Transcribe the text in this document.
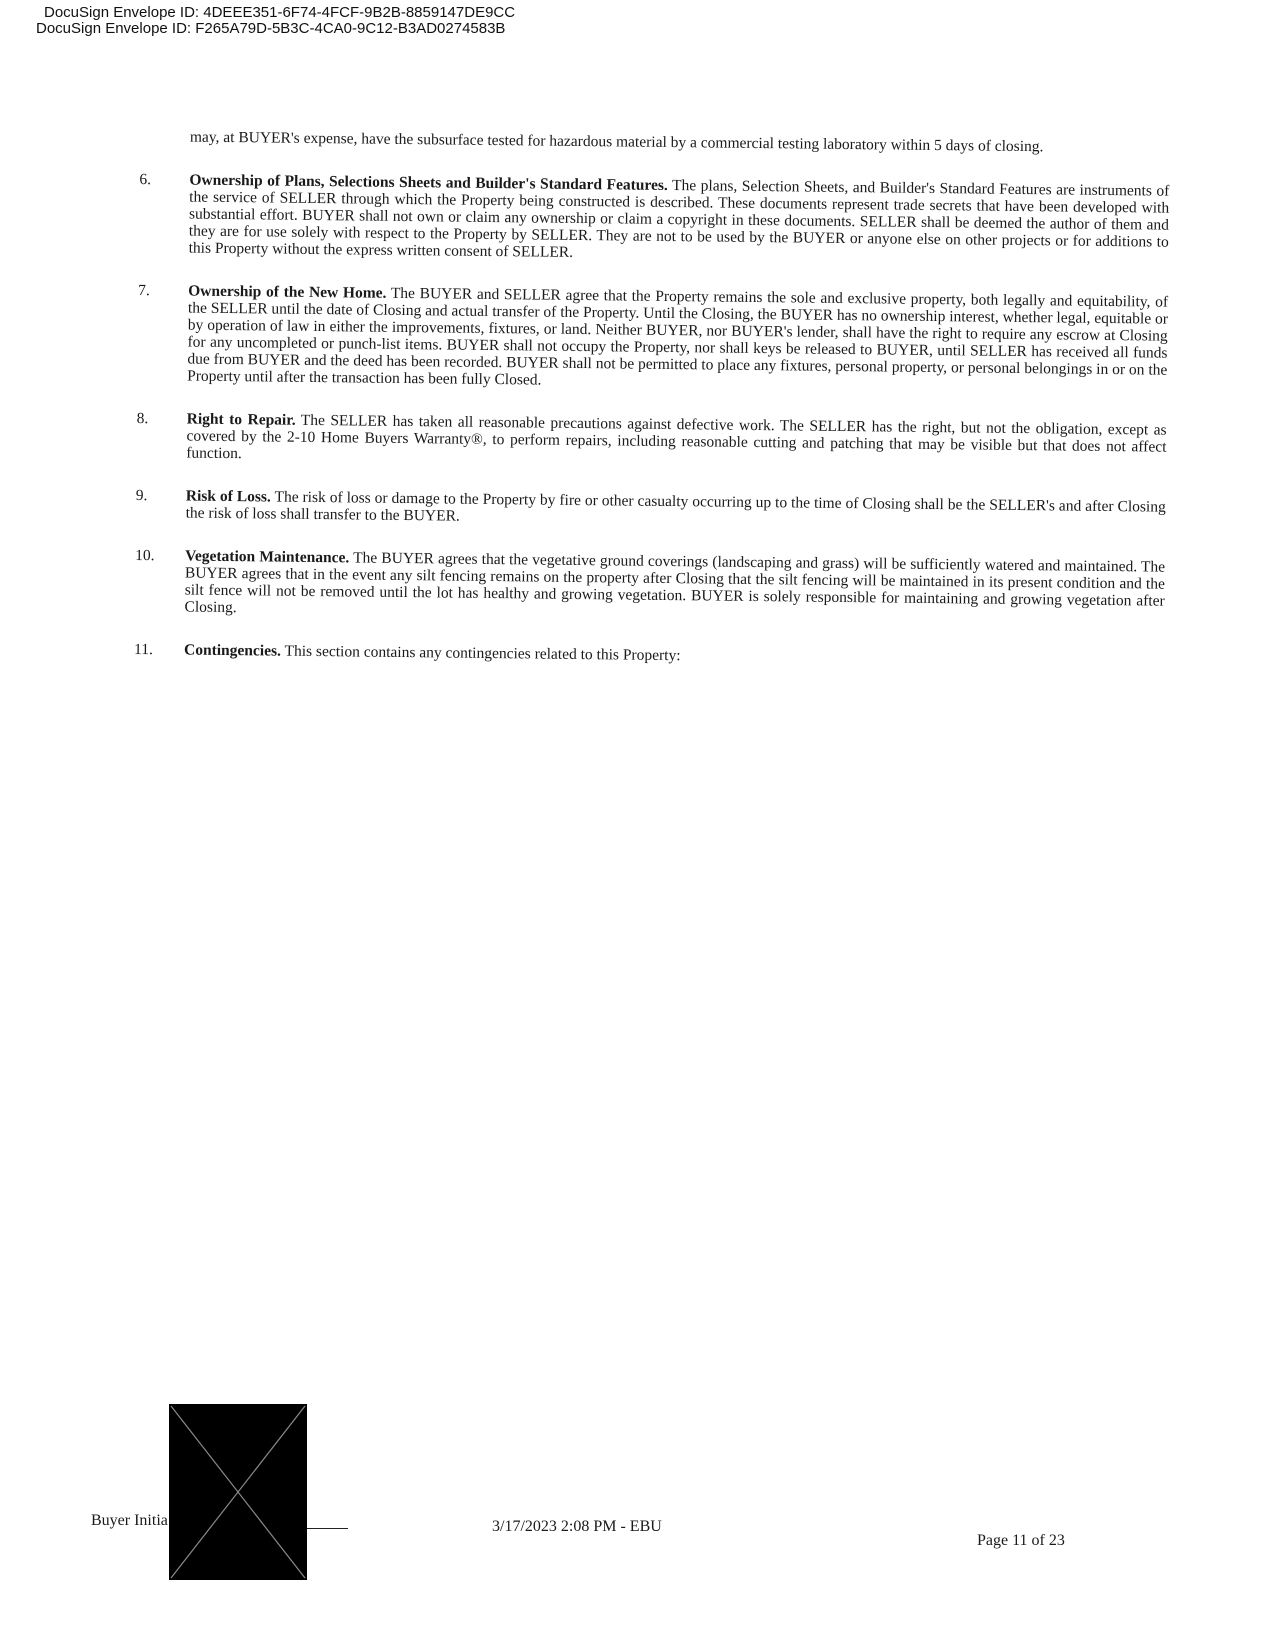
DocuSign Envelope ID: 4DEEE351-6F74-4FCF-9B2B-8859147DE9CC
DocuSign Envelope ID: F265A79D-5B3C-4CA0-9C12-B3AD0274583B

may, at BUYER's expense, have the subsurface tested for hazardous material by a commercial testing laboratory within 5 days of closing.

6. Ownership of Plans, Selections Sheets and Builder's Standard Features. The plans, Selection Sheets, and Builder's Standard Features are instruments of the service of SELLER through which the Property being constructed is described. These documents represent trade secrets that have been developed with substantial effort. BUYER shall not own or claim any ownership or claim a copyright in these documents. SELLER shall be deemed the author of them and they are for use solely with respect to the Property by SELLER. They are not to be used by the BUYER or anyone else on other projects or for additions to this Property without the express written consent of SELLER.
7. Ownership of the New Home. The BUYER and SELLER agree that the Property remains the sole and exclusive property, both legally and equitability, of the SELLER until the date of Closing and actual transfer of the Property. Until the Closing, the BUYER has no ownership interest, whether legal, equitable or by operation of law in either the improvements, fixtures, or land. Neither BUYER, nor BUYER's lender, shall have the right to require any escrow at Closing for any uncompleted or punch-list items. BUYER shall not occupy the Property, nor shall keys be released to BUYER, until SELLER has received all funds due from BUYER and the deed has been recorded. BUYER shall not be permitted to place any fixtures, personal property, or personal belongings in or on the Property until after the transaction has been fully Closed.
8. Right to Repair. The SELLER has taken all reasonable precautions against defective work. The SELLER has the right, but not the obligation, except as covered by the 2-10 Home Buyers Warranty®, to perform repairs, including reasonable cutting and patching that may be visible but that does not affect function.
9. Risk of Loss. The risk of loss or damage to the Property by fire or other casualty occurring up to the time of Closing shall be the SELLER's and after Closing the risk of loss shall transfer to the BUYER.
10. Vegetation Maintenance. The BUYER agrees that the vegetative ground coverings (landscaping and grass) will be sufficiently watered and maintained. The BUYER agrees that in the event any silt fencing remains on the property after Closing that the silt fencing will be maintained in its present condition and the silt fence will not be removed until the lot has healthy and growing vegetation. BUYER is solely responsible for maintaining and growing vegetation after Closing.
11. Contingencies. This section contains any contingencies related to this Property:
Buyer Initia	3/17/2023 2:08 PM - EBU
Page 11 of 23
